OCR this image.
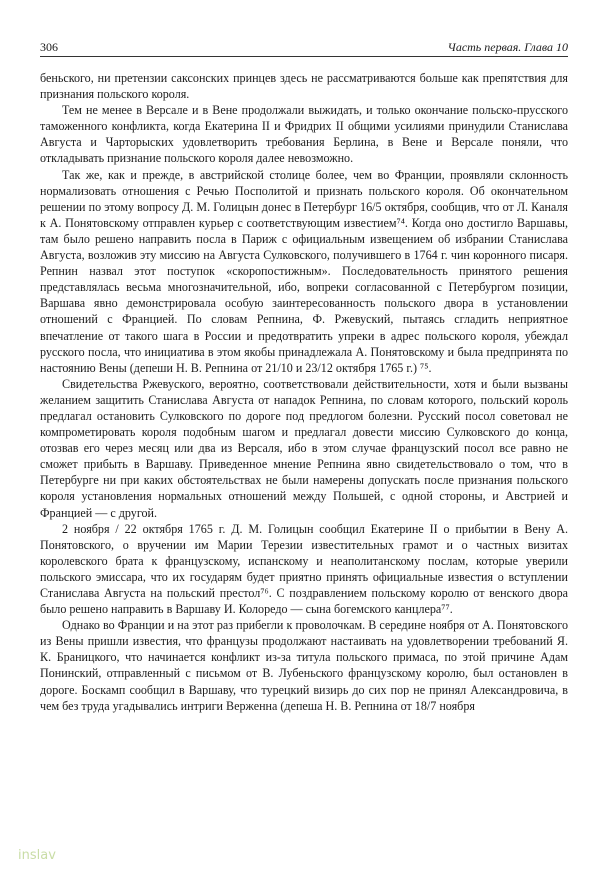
306	Часть первая. Глава 10

беньского, ни претензии саксонских принцев здесь не рассматриваются больше как препятствия для признания польского короля.

Тем не менее в Версале и в Вене продолжали выжидать, и только окончание польско-прусского таможенного конфликта, когда Екатерина II и Фридрих II общими усилиями принудили Станислава Августа и Чарторыских удовлетворить требования Берлина, в Вене и Версале поняли, что откладывать признание польского короля далее невозможно.

Так же, как и прежде, в австрийской столице более, чем во Франции, проявляли склонность нормализовать отношения с Речью Посполитой и признать польского короля. Об окончательном решении по этому вопросу Д. М. Голицын донес в Петербург 16/5 октября, сообщив, что от Л. Каналя к А. Понятовскому отправлен курьер с соответствующим известием⁷⁴. Когда оно достигло Варшавы, там было решено направить посла в Париж с официальным извещением об избрании Станислава Августа, возложив эту миссию на Августа Сулковского, получившего в 1764 г. чин коронного писаря. Репнин назвал этот поступок «скоропостижным». Последовательность принятого решения представлялась весьма многозначительной, ибо, вопреки согласованной с Петербургом позиции, Варшава явно демонстрировала особую заинтересованность польского двора в установлении отношений с Францией. По словам Репнина, Ф. Ржевуский, пытаясь сгладить неприятное впечатление от такого шага в России и предотвратить упреки в адрес польского короля, убеждал русского посла, что инициатива в этом якобы принадлежала А. Понятовскому и была предпринята по настоянию Вены (депеши Н. В. Репнина от 21/10 и 23/12 октября 1765 г.) ⁷⁵.

Свидетельства Ржевуского, вероятно, соответствовали действительности, хотя и были вызваны желанием защитить Станислава Августа от нападок Репнина, по словам которого, польский король предлагал остановить Сулковского по дороге под предлогом болезни. Русский посол советовал не компрометировать короля подобным шагом и предлагал довести миссию Сулковского до конца, отозвав его через месяц или два из Версаля, ибо в этом случае французский посол все равно не сможет прибыть в Варшаву. Приведенное мнение Репнина явно свидетельствовало о том, что в Петербурге ни при каких обстоятельствах не были намерены допускать после признания польского короля установления нормальных отношений между Польшей, с одной стороны, и Австрией и Францией — с другой.

2 ноября / 22 октября 1765 г. Д. М. Голицын сообщил Екатерине II о прибытии в Вену А. Понятовского, о вручении им Марии Терезии известительных грамот и о частных визитах королевского брата к французскому, испанскому и неаполитанскому послам, которые уверили польского эмиссара, что их государям будет приятно принять официальные известия о вступлении Станислава Августа на польский престол⁷⁶. С поздравлением польскому королю от венского двора было решено направить в Варшаву И. Колоредо — сына богемского канцлера⁷⁷.

Однако во Франции и на этот раз прибегли к проволочкам. В середине ноября от А. Понятовского из Вены пришли известия, что французы продолжают настаивать на удовлетворении требований Я. К. Браницкого, что начинается конфликт из-за титула польского примаса, по этой причине Адам Понинский, отправленный с письмом от В. Лубеньского французскому королю, был остановлен в дороге. Боскамп сообщил в Варшаву, что турецкий визирь до сих пор не принял Александровича, в чем без труда угадывались интриги Верженна (депеша Н. В. Репнина от 18/7 ноября

inslav
